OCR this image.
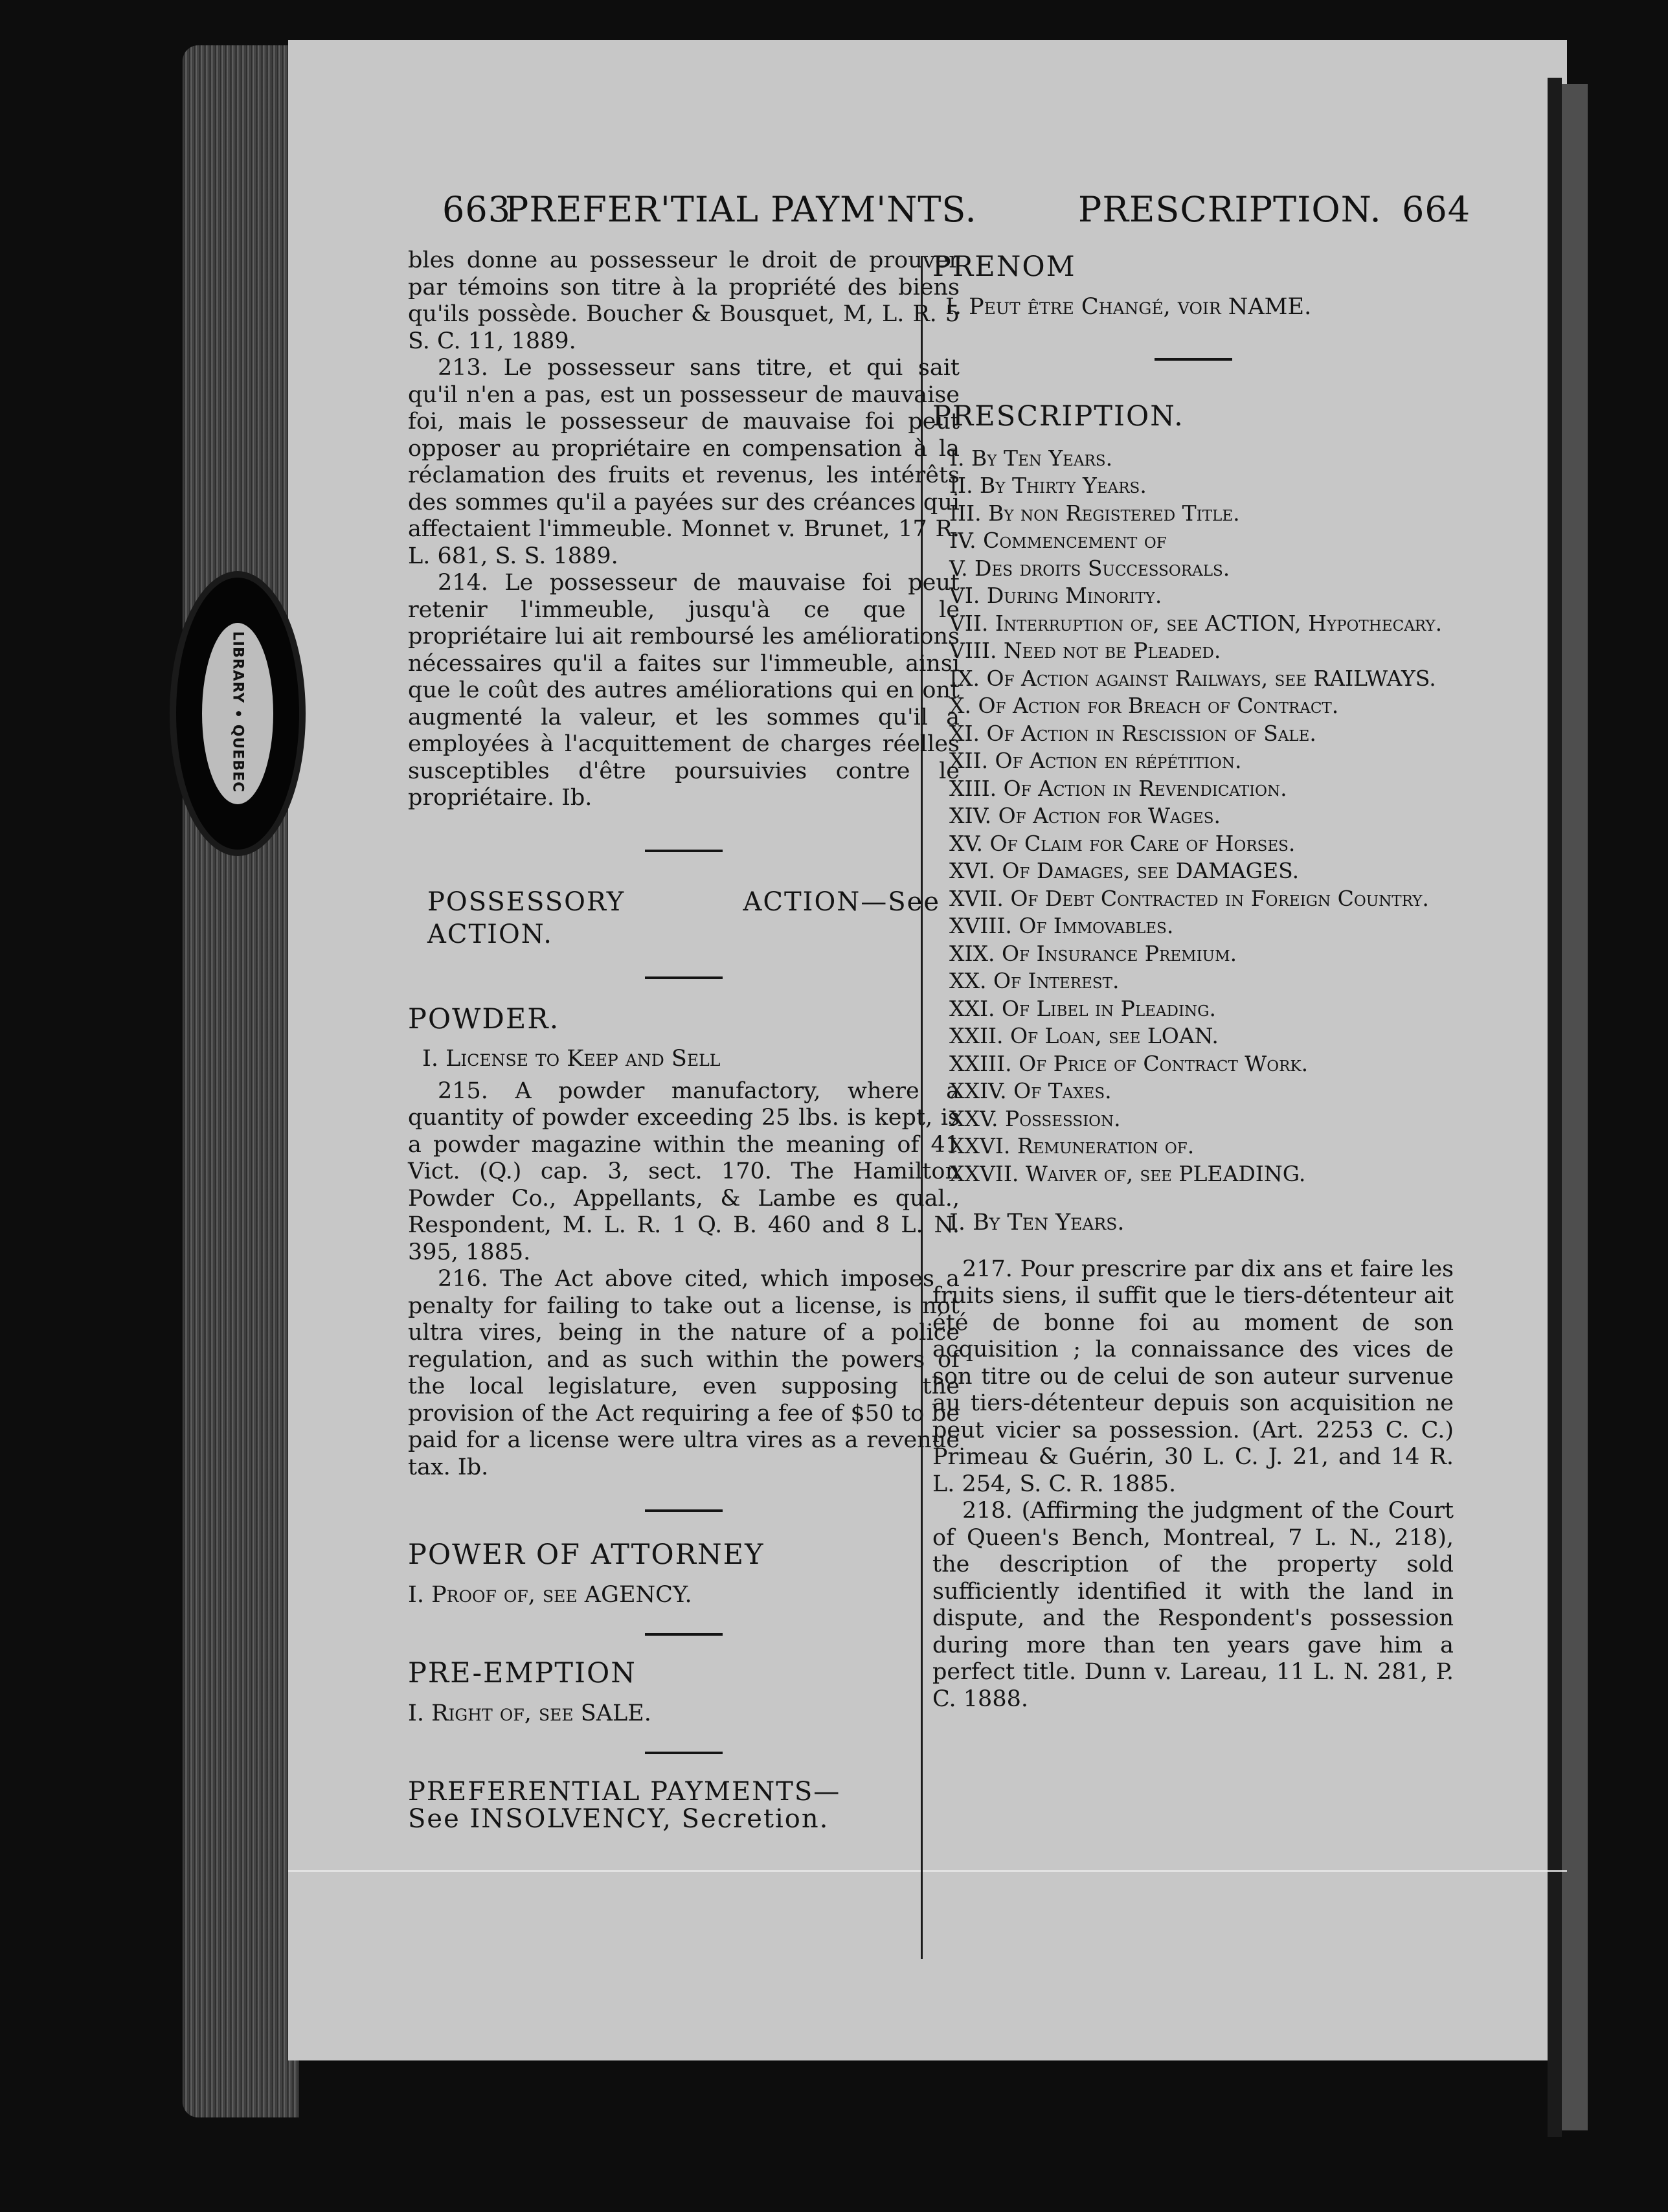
LIBRARY • QUEBEC
663
PREFER'TIAL PAYM'NTS.	PRESCRIPTION. 664

bles donne au possesseur le droit de prouver par témoins son titre à la propriété des biens qu'ils possède. Boucher & Bousquet, M, L. R. 5 S. C. 11, 1889.

213. Le possesseur sans titre, et qui sait qu'il n'en a pas, est un possesseur de mauvaise foi, mais le possesseur de mauvaise foi peut opposer au propriétaire en compensation à la réclamation des fruits et revenus, les intérêts des sommes qu'il a payées sur des créances qui affectaient l'immeuble. Monnet v. Brunet, 17 R. L. 681, S. S. 1889.

214. Le possesseur de mauvaise foi peut retenir l'immeuble, jusqu'à ce que le propriétaire lui ait remboursé les améliorations nécessaires qu'il a faites sur l'immeuble, ainsi que le coût des autres améliorations qui en ont augmenté la valeur, et les sommes qu'il a employées à l'acquittement de charges réelles susceptibles d'être poursuivies contre le propriétaire. Ib.

POSSESSORY ACTION—See ACTION.

POWDER.

I. License to Keep and Sell

215. A powder manufactory, where a quantity of powder exceeding 25 lbs. is kept, is a powder magazine within the meaning of 41 Vict. (Q.) cap. 3, sect. 170. The Hamilton Powder Co., Appellants, & Lambe es qual., Respondent, M. L. R. 1 Q. B. 460 and 8 L. N. 395, 1885.

216. The Act above cited, which imposes a penalty for failing to take out a license, is not ultra vires, being in the nature of a police regulation, and as such within the powers of the local legislature, even supposing the provision of the Act requiring a fee of $50 to be paid for a license were ultra vires as a revenue tax. Ib.

POWER OF ATTORNEY

I. Proof of, see AGENCY.

PRE-EMPTION

I. Right of, see SALE.

PREFERENTIAL PAYMENTS—

See INSOLVENCY, Secretion.

PRENOM

I. Peut être Changé, voir NAME.

PRESCRIPTION.

I. By Ten Years.
II. By Thirty Years.
III. By non Registered Title.
IV. Commencement of
V. Des droits Successorals.
VI. During Minority.
VII. Interruption of, see ACTION, Hypothecary.
VIII. Need not be Pleaded.
IX. Of Action against Railways, see RAILWAYS.
X. Of Action for Breach of Contract.
XI. Of Action in Rescission of Sale.
XII. Of Action en répétition.
XIII. Of Action in Revendication.
XIV. Of Action for Wages.
XV. Of Claim for Care of Horses.
XVI. Of Damages, see DAMAGES.
XVII. Of Debt Contracted in Foreign Country.
XVIII. Of Immovables.
XIX. Of Insurance Premium.
XX. Of Interest.
XXI. Of Libel in Pleading.
XXII. Of Loan, see LOAN.
XXIII. Of Price of Contract Work.
XXIV. Of Taxes.
XXV. Possession.
XXVI. Remuneration of.
XXVII. Waiver of, see PLEADING.

I. By Ten Years.

217. Pour prescrire par dix ans et faire les fruits siens, il suffit que le tiers-détenteur ait été de bonne foi au moment de son acquisition ; la connaissance des vices de son titre ou de celui de son auteur survenue au tiers-détenteur depuis son acquisition ne peut vicier sa possession. (Art. 2253 C. C.) Primeau & Guérin, 30 L. C. J. 21, and 14 R. L. 254, S. C. R. 1885.

218. (Affirming the judgment of the Court of Queen's Bench, Montreal, 7 L. N., 218), the description of the property sold sufficiently identified it with the land in dispute, and the Respondent's possession during more than ten years gave him a perfect title. Dunn v. Lareau, 11 L. N. 281, P. C. 1888.
